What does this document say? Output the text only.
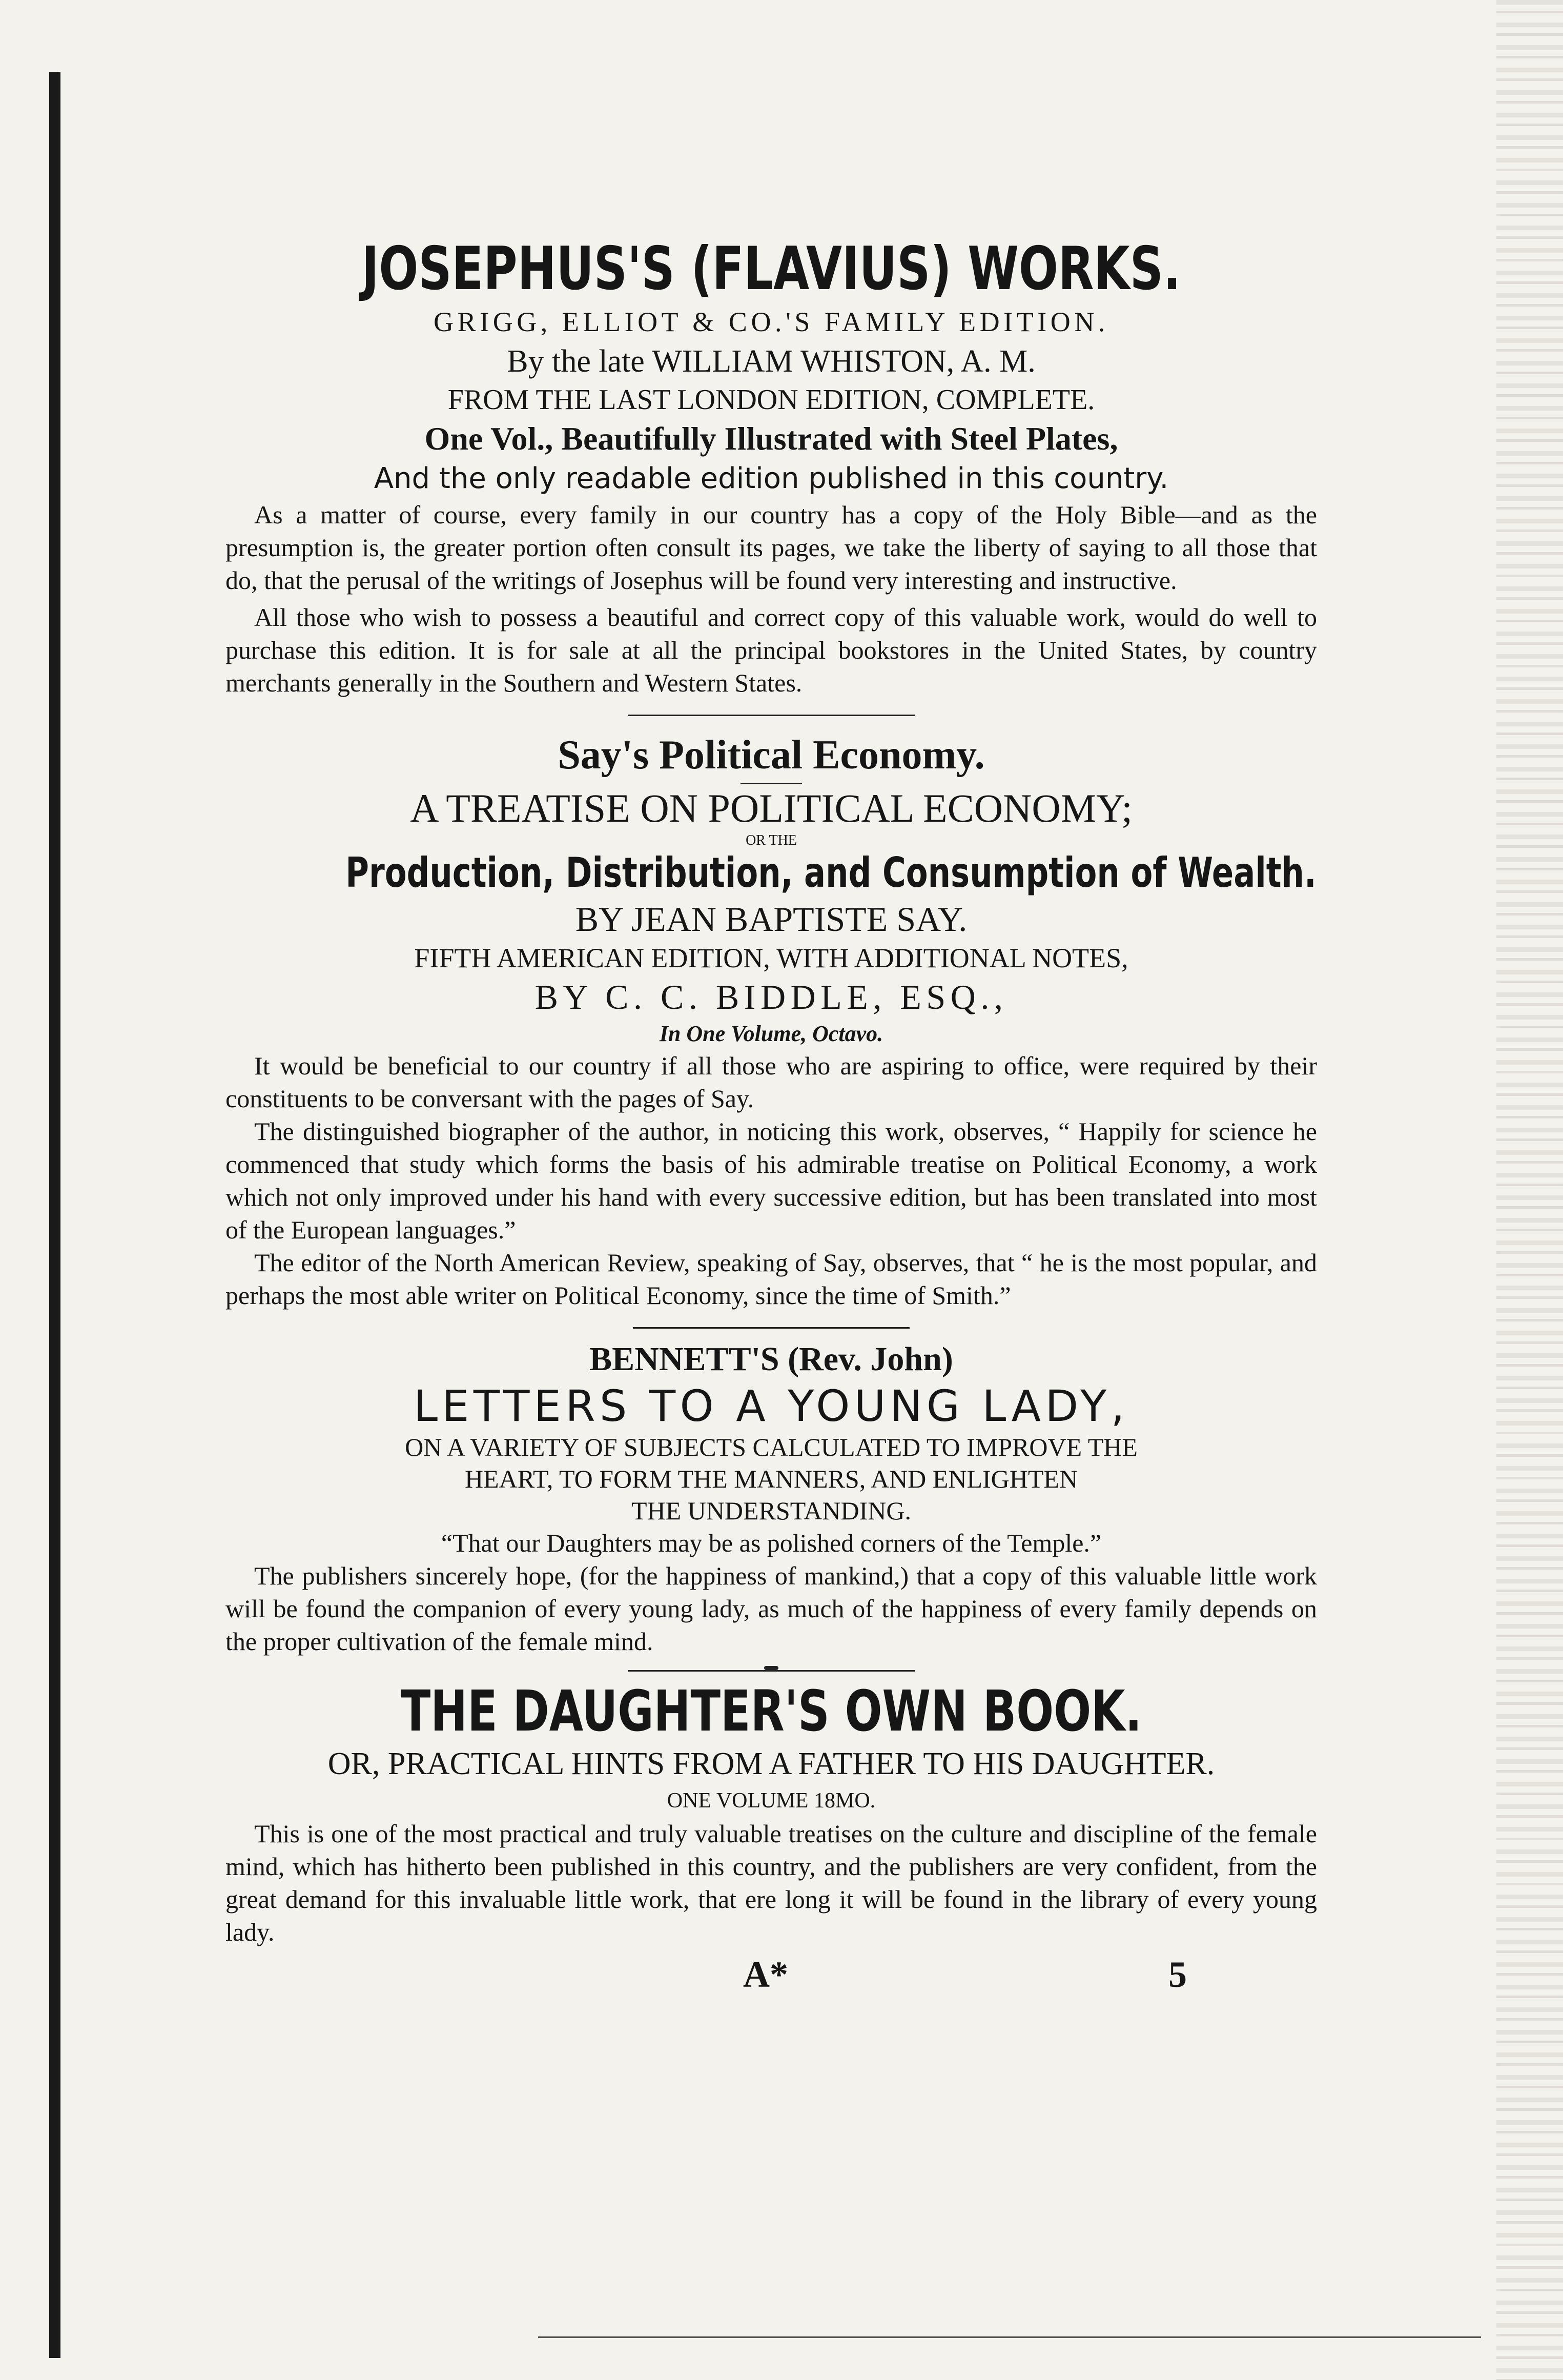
JOSEPHUS'S (FLAVIUS) WORKS.

GRIGG, ELLIOT & CO.'S FAMILY EDITION.

By the late WILLIAM WHISTON, A. M.

FROM THE LAST LONDON EDITION, COMPLETE.

One Vol., Beautifully Illustrated with Steel Plates,

And the only readable edition published in this country.

As a matter of course, every family in our country has a copy of the Holy Bible—and as the presumption is, the greater portion often consult its pages, we take the liberty of saying to all those that do, that the perusal of the writings of Josephus will be found very interesting and instructive.

All those who wish to possess a beautiful and correct copy of this valuable work, would do well to purchase this edition. It is for sale at all the principal bookstores in the United States, by country merchants generally in the Southern and Western States.

Say's Political Economy.

A TREATISE ON POLITICAL ECONOMY;

OR THE

Production, Distribution, and Consumption of Wealth.

BY JEAN BAPTISTE SAY.

FIFTH AMERICAN EDITION, WITH ADDITIONAL NOTES,

BY C. C. BIDDLE, ESQ.,

In One Volume, Octavo.

It would be beneficial to our country if all those who are aspiring to office, were required by their constituents to be conversant with the pages of Say.

The distinguished biographer of the author, in noticing this work, observes, “ Happily for science he commenced that study which forms the basis of his admirable treatise on Political Economy, a work which not only improved under his hand with every successive edition, but has been translated into most of the European languages.”

The editor of the North American Review, speaking of Say, observes, that “ he is the most popular, and perhaps the most able writer on Political Economy, since the time of Smith.”

BENNETT'S (Rev. John)

LETTERS TO A YOUNG LADY,

ON A VARIETY OF SUBJECTS CALCULATED TO IMPROVE THE

HEART, TO FORM THE MANNERS, AND ENLIGHTEN

THE UNDERSTANDING.

“That our Daughters may be as polished corners of the Temple.”

The publishers sincerely hope, (for the happiness of mankind,) that a copy of this valuable little work will be found the companion of every young lady, as much of the happiness of every family depends on the proper cultivation of the female mind.

THE DAUGHTER'S OWN BOOK.

OR, PRACTICAL HINTS FROM A FATHER TO HIS DAUGHTER.

ONE VOLUME 18MO.

This is one of the most practical and truly valuable treatises on the culture and discipline of the female mind, which has hitherto been published in this country, and the publishers are very confident, from the great demand for this invaluable little work, that ere long it will be found in the library of every young lady.

A*	5
